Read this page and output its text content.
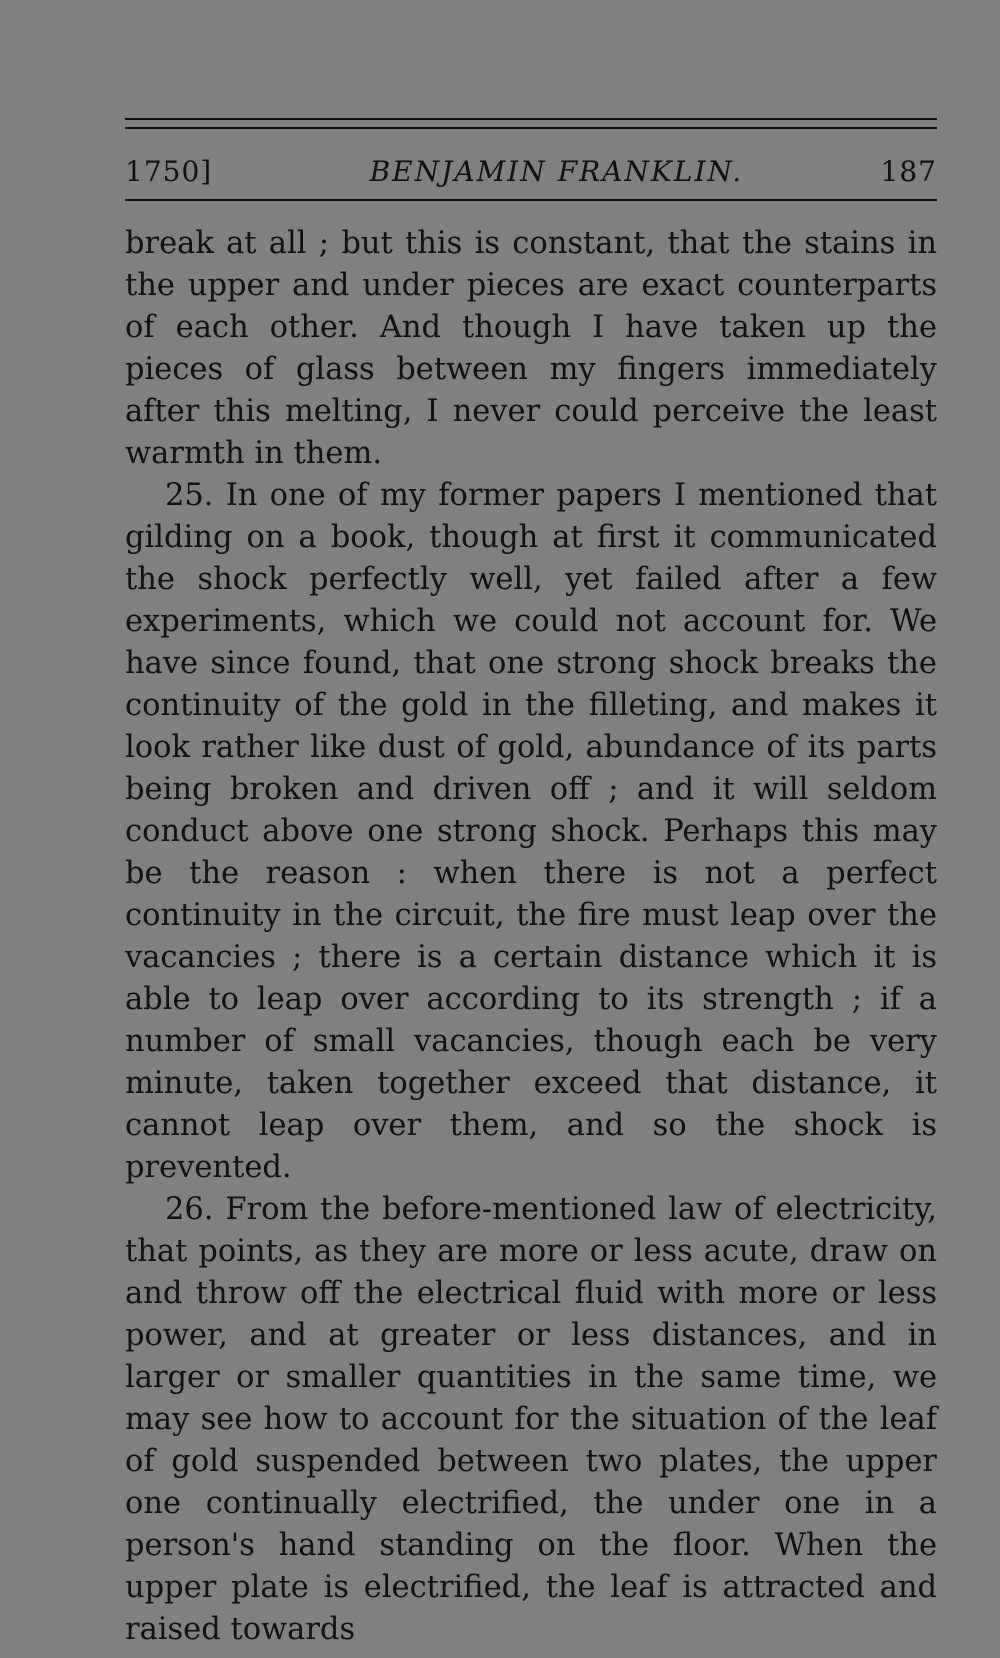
1750]	BENJAMIN FRANKLIN.	187

break at all ; but this is constant, that the stains in the upper and under pieces are exact counterparts of each other. And though I have taken up the pieces of glass between my fingers immediately after this melting, I never could perceive the least warmth in them.

25. In one of my former papers I mentioned that gilding on a book, though at first it communicated the shock perfectly well, yet failed after a few experiments, which we could not account for. We have since found, that one strong shock breaks the continuity of the gold in the filleting, and makes it look rather like dust of gold, abundance of its parts being broken and driven off ; and it will seldom conduct above one strong shock. Perhaps this may be the reason : when there is not a perfect continuity in the circuit, the fire must leap over the vacancies ; there is a certain distance which it is able to leap over according to its strength ; if a number of small vacancies, though each be very minute, taken together exceed that distance, it cannot leap over them, and so the shock is prevented.

26. From the before-mentioned law of electricity, that points, as they are more or less acute, draw on and throw off the electrical fluid with more or less power, and at greater or less distances, and in larger or smaller quantities in the same time, we may see how to account for the situation of the leaf of gold suspended between two plates, the upper one continually electrified, the under one in a person's hand standing on the floor. When the upper plate is electrified, the leaf is attracted and raised towards
